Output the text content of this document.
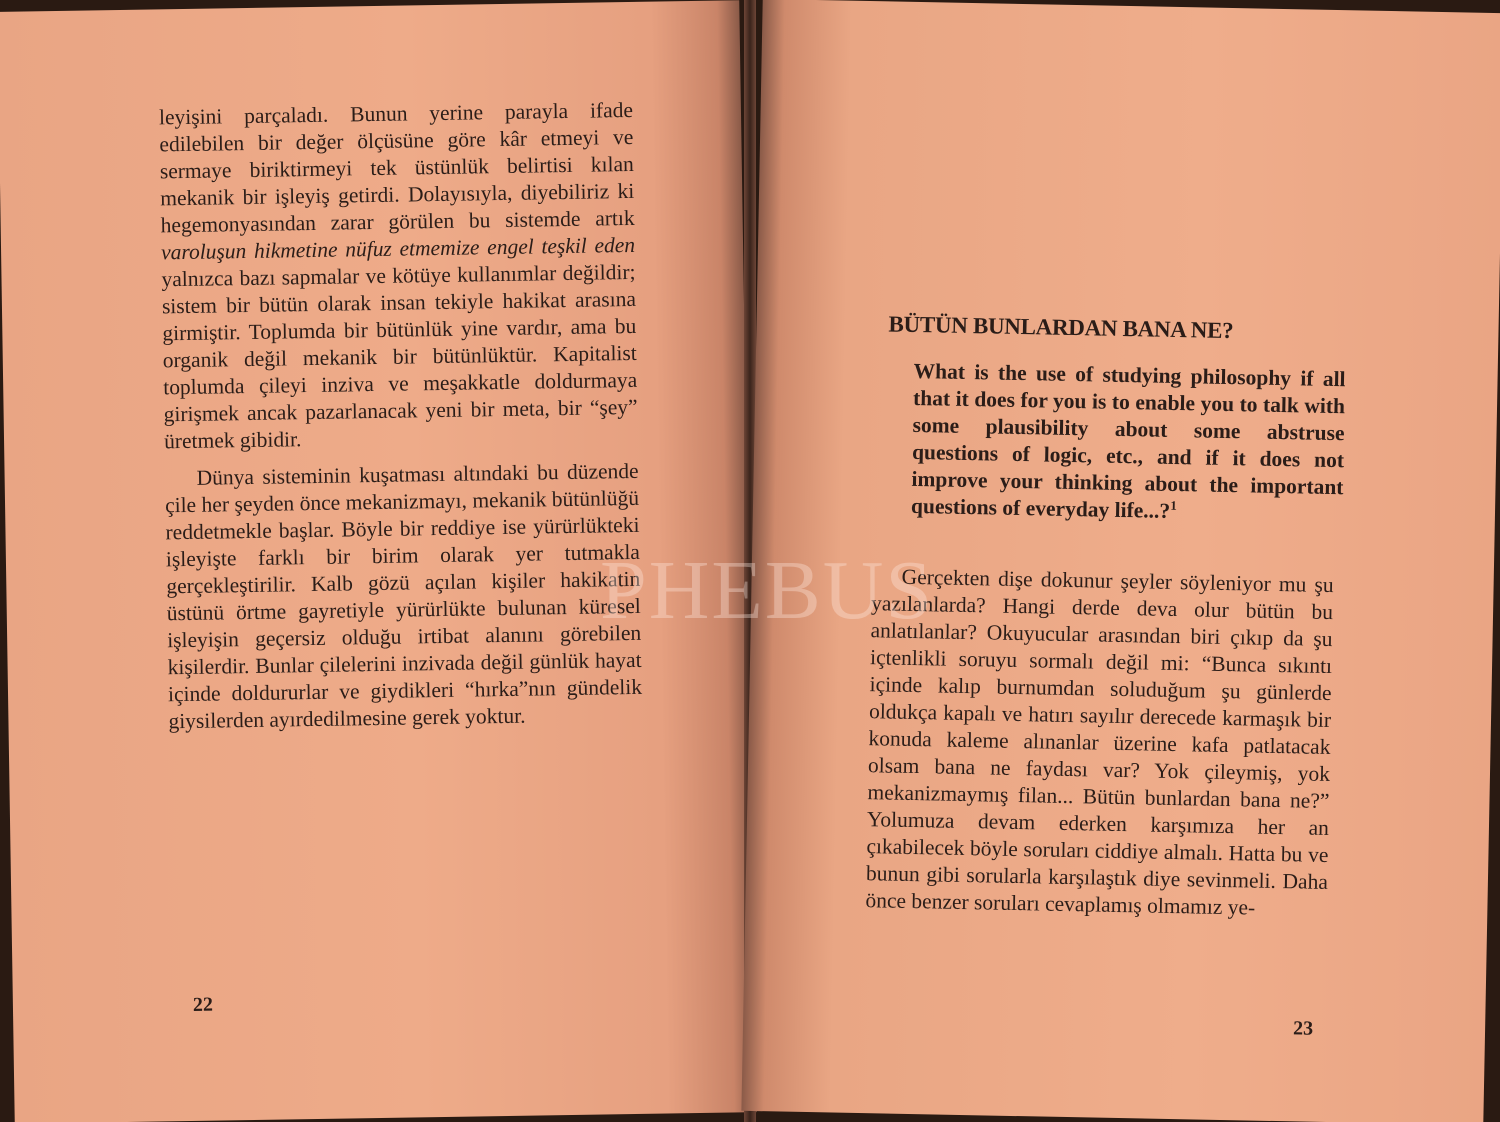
leyişini parçaladı. Bunun yerine parayla ifade edilebilen bir değer ölçüsüne göre kâr etmeyi ve sermaye biriktirmeyi tek üstünlük belirtisi kılan mekanik bir işleyiş getirdi. Dolayısıyla, diyebiliriz ki hegemonyasından zarar görülen bu sistemde artık varoluşun hikmetine nüfuz etmemize engel teşkil eden yalnızca bazı sapmalar ve kötüye kullanımlar değildir; sistem bir bütün olarak insan tekiyle hakikat arasına girmiştir. Toplumda bir bütünlük yine vardır, ama bu organik değil mekanik bir bütünlüktür. Kapitalist toplumda çileyi inziva ve meşakkatle doldurmaya girişmek ancak pazarlanacak yeni bir meta, bir “şey” üretmek gibidir.

Dünya sisteminin kuşatması altındaki bu düzende çile her şeyden önce mekanizmayı, mekanik bütünlüğü reddetmekle başlar. Böyle bir reddiye ise yürürlükteki işleyişte farklı bir birim olarak yer tutmakla gerçekleştirilir. Kalb gözü açılan kişiler hakikatin üstünü örtme gayretiyle yürürlükte bulunan küresel işleyişin geçersiz olduğu irtibat alanını görebilen kişilerdir. Bunlar çilelerini inzivada değil günlük hayat içinde doldururlar ve giydikleri “hırka”nın gündelik giysilerden ayırdedilmesine gerek yoktur.

22
BÜTÜN BUNLARDAN BANA NE?

What is the use of studying philosophy if all that it does for you is to enable you to talk with some plausibility about some abstruse questions of logic, etc., and if it does not improve your thinking about the important questions of everyday life...?$^1$

Gerçekten dişe dokunur şeyler söyleniyor mu şu yazılanlarda? Hangi derde deva olur bütün bu anlatılanlar? Okuyucular arasından biri çıkıp da şu içtenlikli soruyu sormalı değil mi: “Bunca sıkıntı içinde kalıp burnumdan soluduğum şu günlerde oldukça kapalı ve hatırı sayılır derecede karmaşık bir konuda kaleme alınanlar üzerine kafa patlatacak olsam bana ne faydası var? Yok çileymiş, yok mekanizmaymış filan... Bütün bunlardan bana ne?” Yolumuza devam ederken karşımıza her an çıkabilecek böyle soruları ciddiye almalı. Hatta bu ve bunun gibi sorularla karşılaştık diye sevinmeli. Daha önce benzer soruları cevaplamış olmamız ye-
23
PHEBUS
